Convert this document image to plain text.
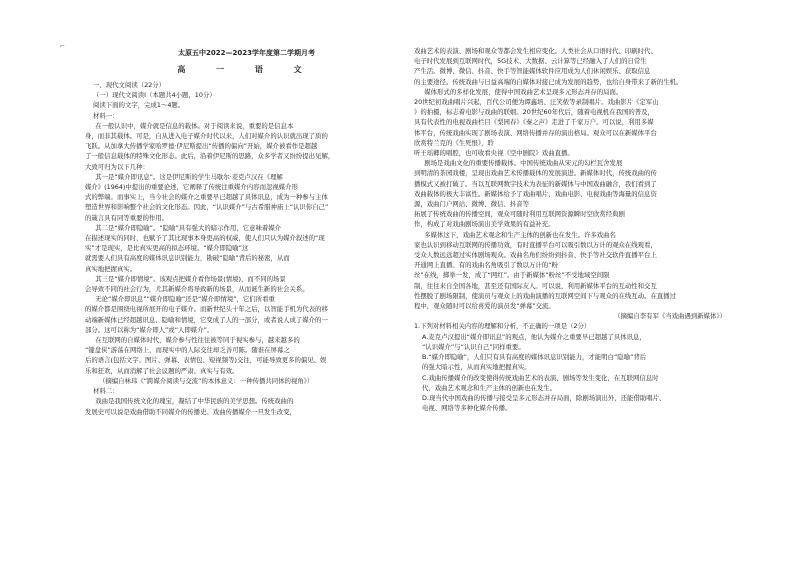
⌐
太原五中2022—2023学年度第二学期月考
高 一 语 文
一、现代文阅读（22分）
（一）现代文阅读I（本题共4小题，10分）
阅读下面的文字，完成1～4题。
材料一：
在一般认识中，媒介就是信息的载体。对于阅读来说，重要的是信息本
身，而非其载体。可是，自从进入电子媒介时代以来，人们对媒介的认识就出现了质的
飞跃。从加拿大传播学家哈罗德·伊尼斯提出“传播的偏向”开始，媒介被看作是超越
了一般信息载体的特殊文化形态。此后，沿着伊尼斯的思路，众多学者又纷纷提出见解，
大致可归为以下几种：
其一是“媒介即讯息”。这是伊尼斯的学生马歇尔·麦克卢汉在《理解
媒介》(1964)中提出的重要论述，它阐释了传统注重媒介内容而忽视媒介形
式的弊端。而事实上，当今社会的媒介之重要早已超越了具体讯息，成为一种参与主体
塑造世界和影响整个社会的文化形态。因此，“认识媒介”与古希腊神庙上“认识你自己”
的箴言具有同等重要的作用。
其二是“媒介即隐喻”。“隐喻”具有强大的暗示作用，它意味着媒介
在描述现实的同时，也赋予了其比现事本身更高的权威，使人们只认为媒介叙述的“现
实”才是现实，是比真实更高的拟态环境。“媒介即隐喻”这
就需要人们具有高度的媒体讯息识别能力，勘破“隐喻”背后的秘密，从而
真实地把握真实。
其三是“媒介即情境”。该观点把媒介看作场景(情境)，而不同的场景
会导致不同的社会行为，尤其新媒介将导致新的场景，从而诞生新的社会关系。
无论“媒介即讯息”“媒介即隐喻”还是“媒介即情境”，它们所看重
的媒介都是围绕电视所展开的电子媒介。而新世纪头十年之后，以智能手机为代表的移
动端新媒体已经超越讯息、隐喻和情境，它变成了人的一部分，或者说人成了媒介的一
部分。这可以称为“媒介即人”或“人即媒介”。
在互联网的自媒体时代，媒介参与性往往被等同于视实参与，越来越多的
“键盘侠”游荡在网络上，而现实中的人际交往却乏善可陈。随谁在屏幕之
后的语言(包括文字、图片、弹幕、表情包、短视频等)交往，可能导致更多的偏见、娱
乐和狂欢，从而消解了社会议题的严肃、真实与有效。
（摘编自林玮《“跨媒介阅读与交流”的本体意义：一种传播共同体的视角》）
材料二：
戏曲是我国传统文化的瑰宝，凝结了中华民族的美学思想。传统戏曲的
发展史可以说是戏曲借助不同媒介的传播史。戏曲传播媒介一旦发生改变，
戏曲艺术的表演、剧场和观众等都会发生相应变化。人类社会从口语时代、印刷时代、
电子时代发展到互联网时代，5G技术、大数据、云计算等已经融入了人们的日常生
产生活。微博、微信、抖音、快手等智能媒体软件应用成为人们休闲娱乐、获取信息
的主要途径。传统戏曲与日益高端的自媒体对接已成为发展的趋势，也给自身带来了新的生机。
媒体形式的多样化发展，使得中国戏曲艺术呈现多元形态并存的局面。
20世纪初戏曲唱片兴起，百代公司便为谭鑫培、汪笑侬等录制唱片。戏曲影片《定军山
》的拍摄，标志着电影与戏曲的联姻。20世纪60年代后，随着电视机在我国的普及，
具有代表性的电视戏曲栏目《梨园春》《秦之声》走进了千家万户。可以说，利用多媒
体平台，传统戏曲实现了剧场表演、网络传播并存的演出格局。观众可以在新媒体平台
欣赏特兰克的《生死恨》，聆
听王瑶卿的唱腔，也可收看央视《空中剧院》戏曲直播。
剧场是戏曲文化的重要传播载体。中国传统戏曲从宋元的勾栏瓦舍发展
到明清的茶园戏楼，呈现出戏曲艺术传播载体的发展演进。新媒体时代，传统戏曲的传
播模式又被打破了。当以互联网数字技术为表征的新媒体与中国戏曲融合，我们看到了
戏曲载体的极大丰富性。新媒体给予了戏曲唱片、戏曲电影、电视戏曲等海量的信息资
源，戏曲门户网站、微博、微信、抖音等
拓展了传统戏曲的传播空间，观众可随时利用互联网资源瞬时空欣赏经典剧
作，构成了对戏曲剧场演出美学效果的有益补充。
多媒体这下，戏曲艺术观念和生产主体的创新也在发生。许多戏曲名
家也认识到移动互联网的传播功效，有时直播平台可以吸引数以万计的观众在线观看，
受众人数远远超过实体剧场观众。戏曲名角们纷纷到抖音、快手等社交软件直播平台上
开通网上直播。有的戏曲名角吸引了数以万计的“粉
丝”在线，掷举一发，成了“网红”。由于新媒体“粉丝”不受地域空间限
制，往往来自全国各地，甚至还有国际友人。可以说，利用新媒体平台的互动性和交互
性摆脱了剧场限制，使演员与观众上的戏曲演播的互联网空间下与观众的在线互动。在直播过
程中，观众随时可以给喜爱的演员发“弹幕”交流。
（摘编自李有军《当戏曲遇到新媒体》）
1.下列对材料相关内容的理解和分析，不正确的一项是（2分）
A.麦克卢汉提出“媒介即讯息”的观点，他认为媒介之重要早已超越了具体讯息，
“认识媒介”与“认识自己”同样重要。
B.“媒介即隐喻”，人们只有具有高度的媒体讯息识别能力，才能明白“隐喻”背后
的强大暗示性，从而真实地把握真实。
C.戏曲传播媒介的改变使得传统戏曲艺术的表演、剧场等发生变化，在互联网信息时
代，戏曲艺术观念和生产主体的创新也在发生。
D.现当代中国戏曲的传播与接受呈多元形态并存局面，除剧场演出外，还能借助唱片、
电视、网络等多种化媒介传播。
